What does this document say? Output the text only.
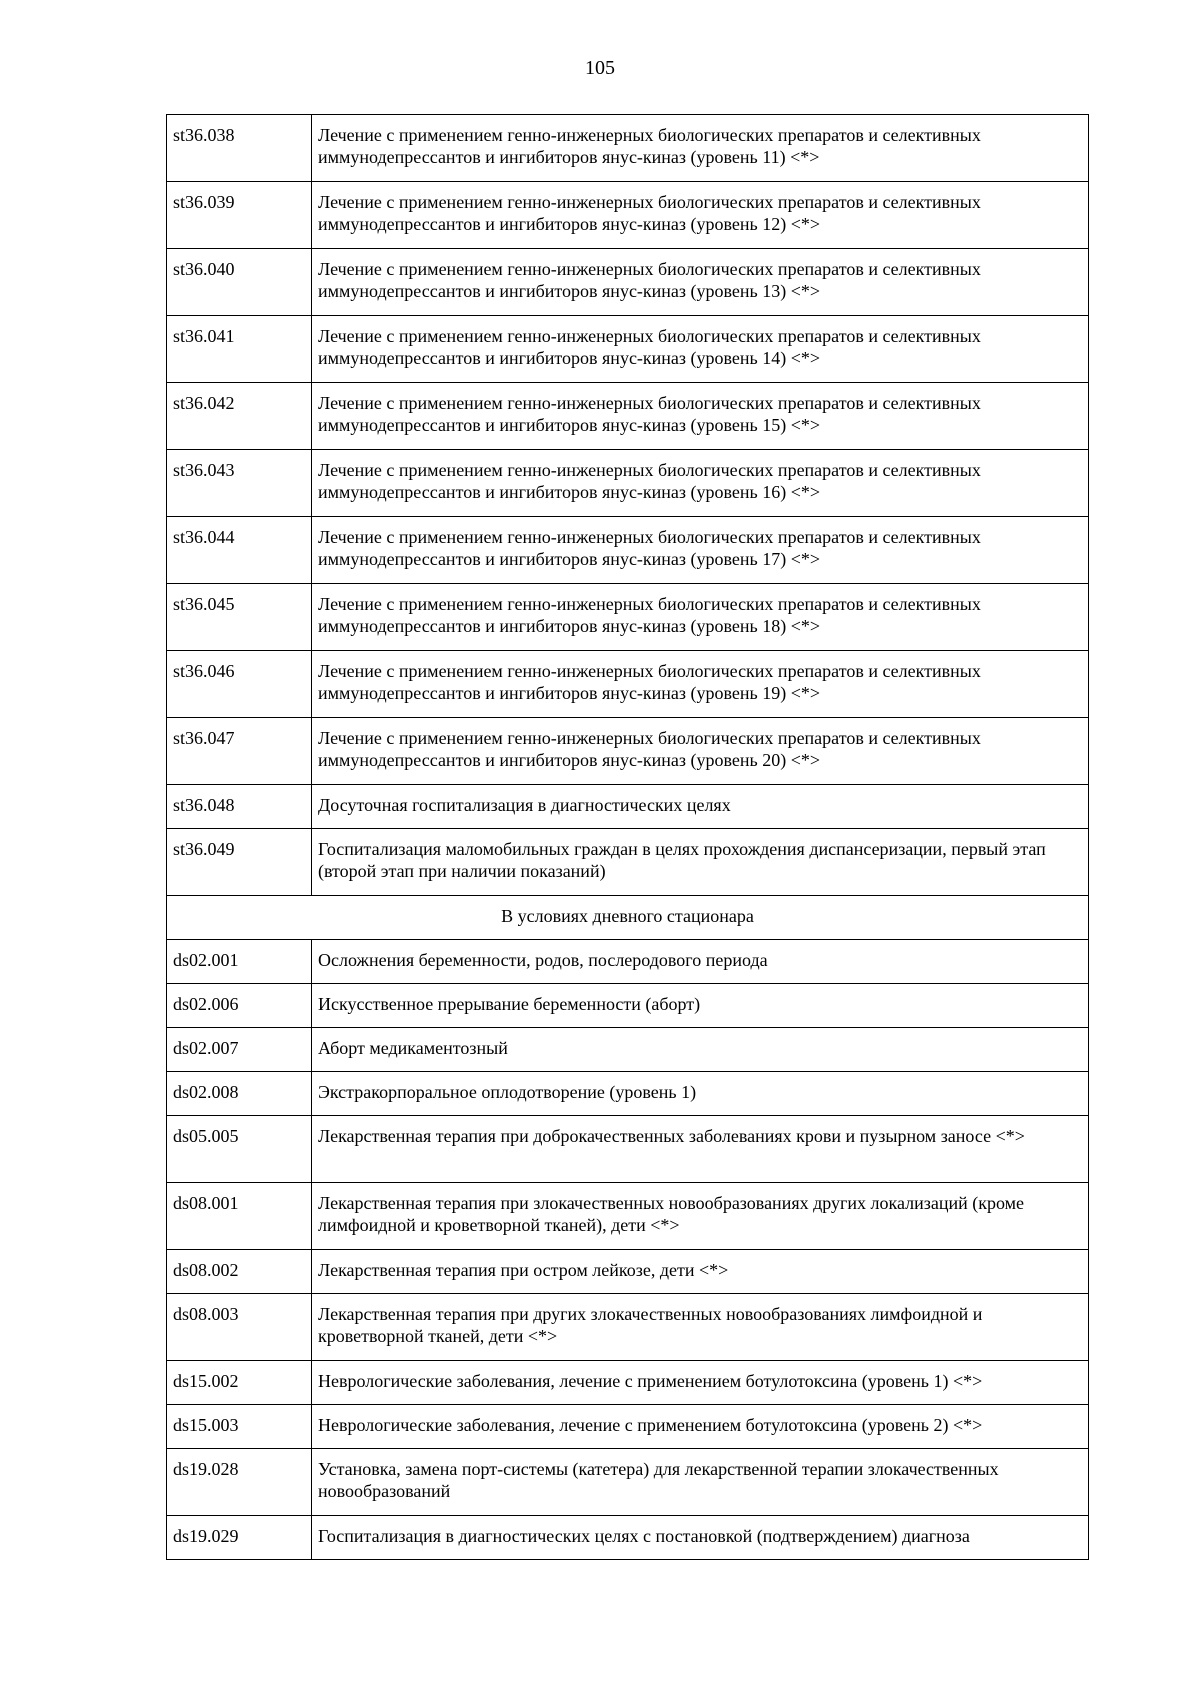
105
st36.038	Лечение с применением генно-инженерных биологических препаратов и селективных иммунодепрессантов и ингибиторов янус-киназ (уровень 11) <*>
st36.039	Лечение с применением генно-инженерных биологических препаратов и селективных иммунодепрессантов и ингибиторов янус-киназ (уровень 12) <*>
st36.040	Лечение с применением генно-инженерных биологических препаратов и селективных иммунодепрессантов и ингибиторов янус-киназ (уровень 13) <*>
st36.041	Лечение с применением генно-инженерных биологических препаратов и селективных иммунодепрессантов и ингибиторов янус-киназ (уровень 14) <*>
st36.042	Лечение с применением генно-инженерных биологических препаратов и селективных иммунодепрессантов и ингибиторов янус-киназ (уровень 15) <*>
st36.043	Лечение с применением генно-инженерных биологических препаратов и селективных иммунодепрессантов и ингибиторов янус-киназ (уровень 16) <*>
st36.044	Лечение с применением генно-инженерных биологических препаратов и селективных иммунодепрессантов и ингибиторов янус-киназ (уровень 17) <*>
st36.045	Лечение с применением генно-инженерных биологических препаратов и селективных иммунодепрессантов и ингибиторов янус-киназ (уровень 18) <*>
st36.046	Лечение с применением генно-инженерных биологических препаратов и селективных иммунодепрессантов и ингибиторов янус-киназ (уровень 19) <*>
st36.047	Лечение с применением генно-инженерных биологических препаратов и селективных иммунодепрессантов и ингибиторов янус-киназ (уровень 20) <*>
st36.048	Досуточная госпитализация в диагностических целях
st36.049	Госпитализация маломобильных граждан в целях прохождения диспансеризации, первый этап (второй этап при наличии показаний)
В условиях дневного стационара	
ds02.001	Осложнения беременности, родов, послеродового периода
ds02.006	Искусственное прерывание беременности (аборт)
ds02.007	Аборт медикаментозный
ds02.008	Экстракорпоральное оплодотворение (уровень 1)
ds05.005	Лекарственная терапия при доброкачественных заболеваниях крови и пузырном заносе <*>
ds08.001	Лекарственная терапия при злокачественных новообразованиях других локализаций (кроме лимфоидной и кроветворной тканей), дети <*>
ds08.002	Лекарственная терапия при остром лейкозе, дети <*>
ds08.003	Лекарственная терапия при других злокачественных новообразованиях лимфоидной и кроветворной тканей, дети <*>
ds15.002	Неврологические заболевания, лечение с применением ботулотоксина (уровень 1) <*>
ds15.003	Неврологические заболевания, лечение с применением ботулотоксина (уровень 2) <*>
ds19.028	Установка, замена порт-системы (катетера) для лекарственной терапии злокачественных новообразований
ds19.029	Госпитализация в диагностических целях с постановкой (подтверждением) диагноза
